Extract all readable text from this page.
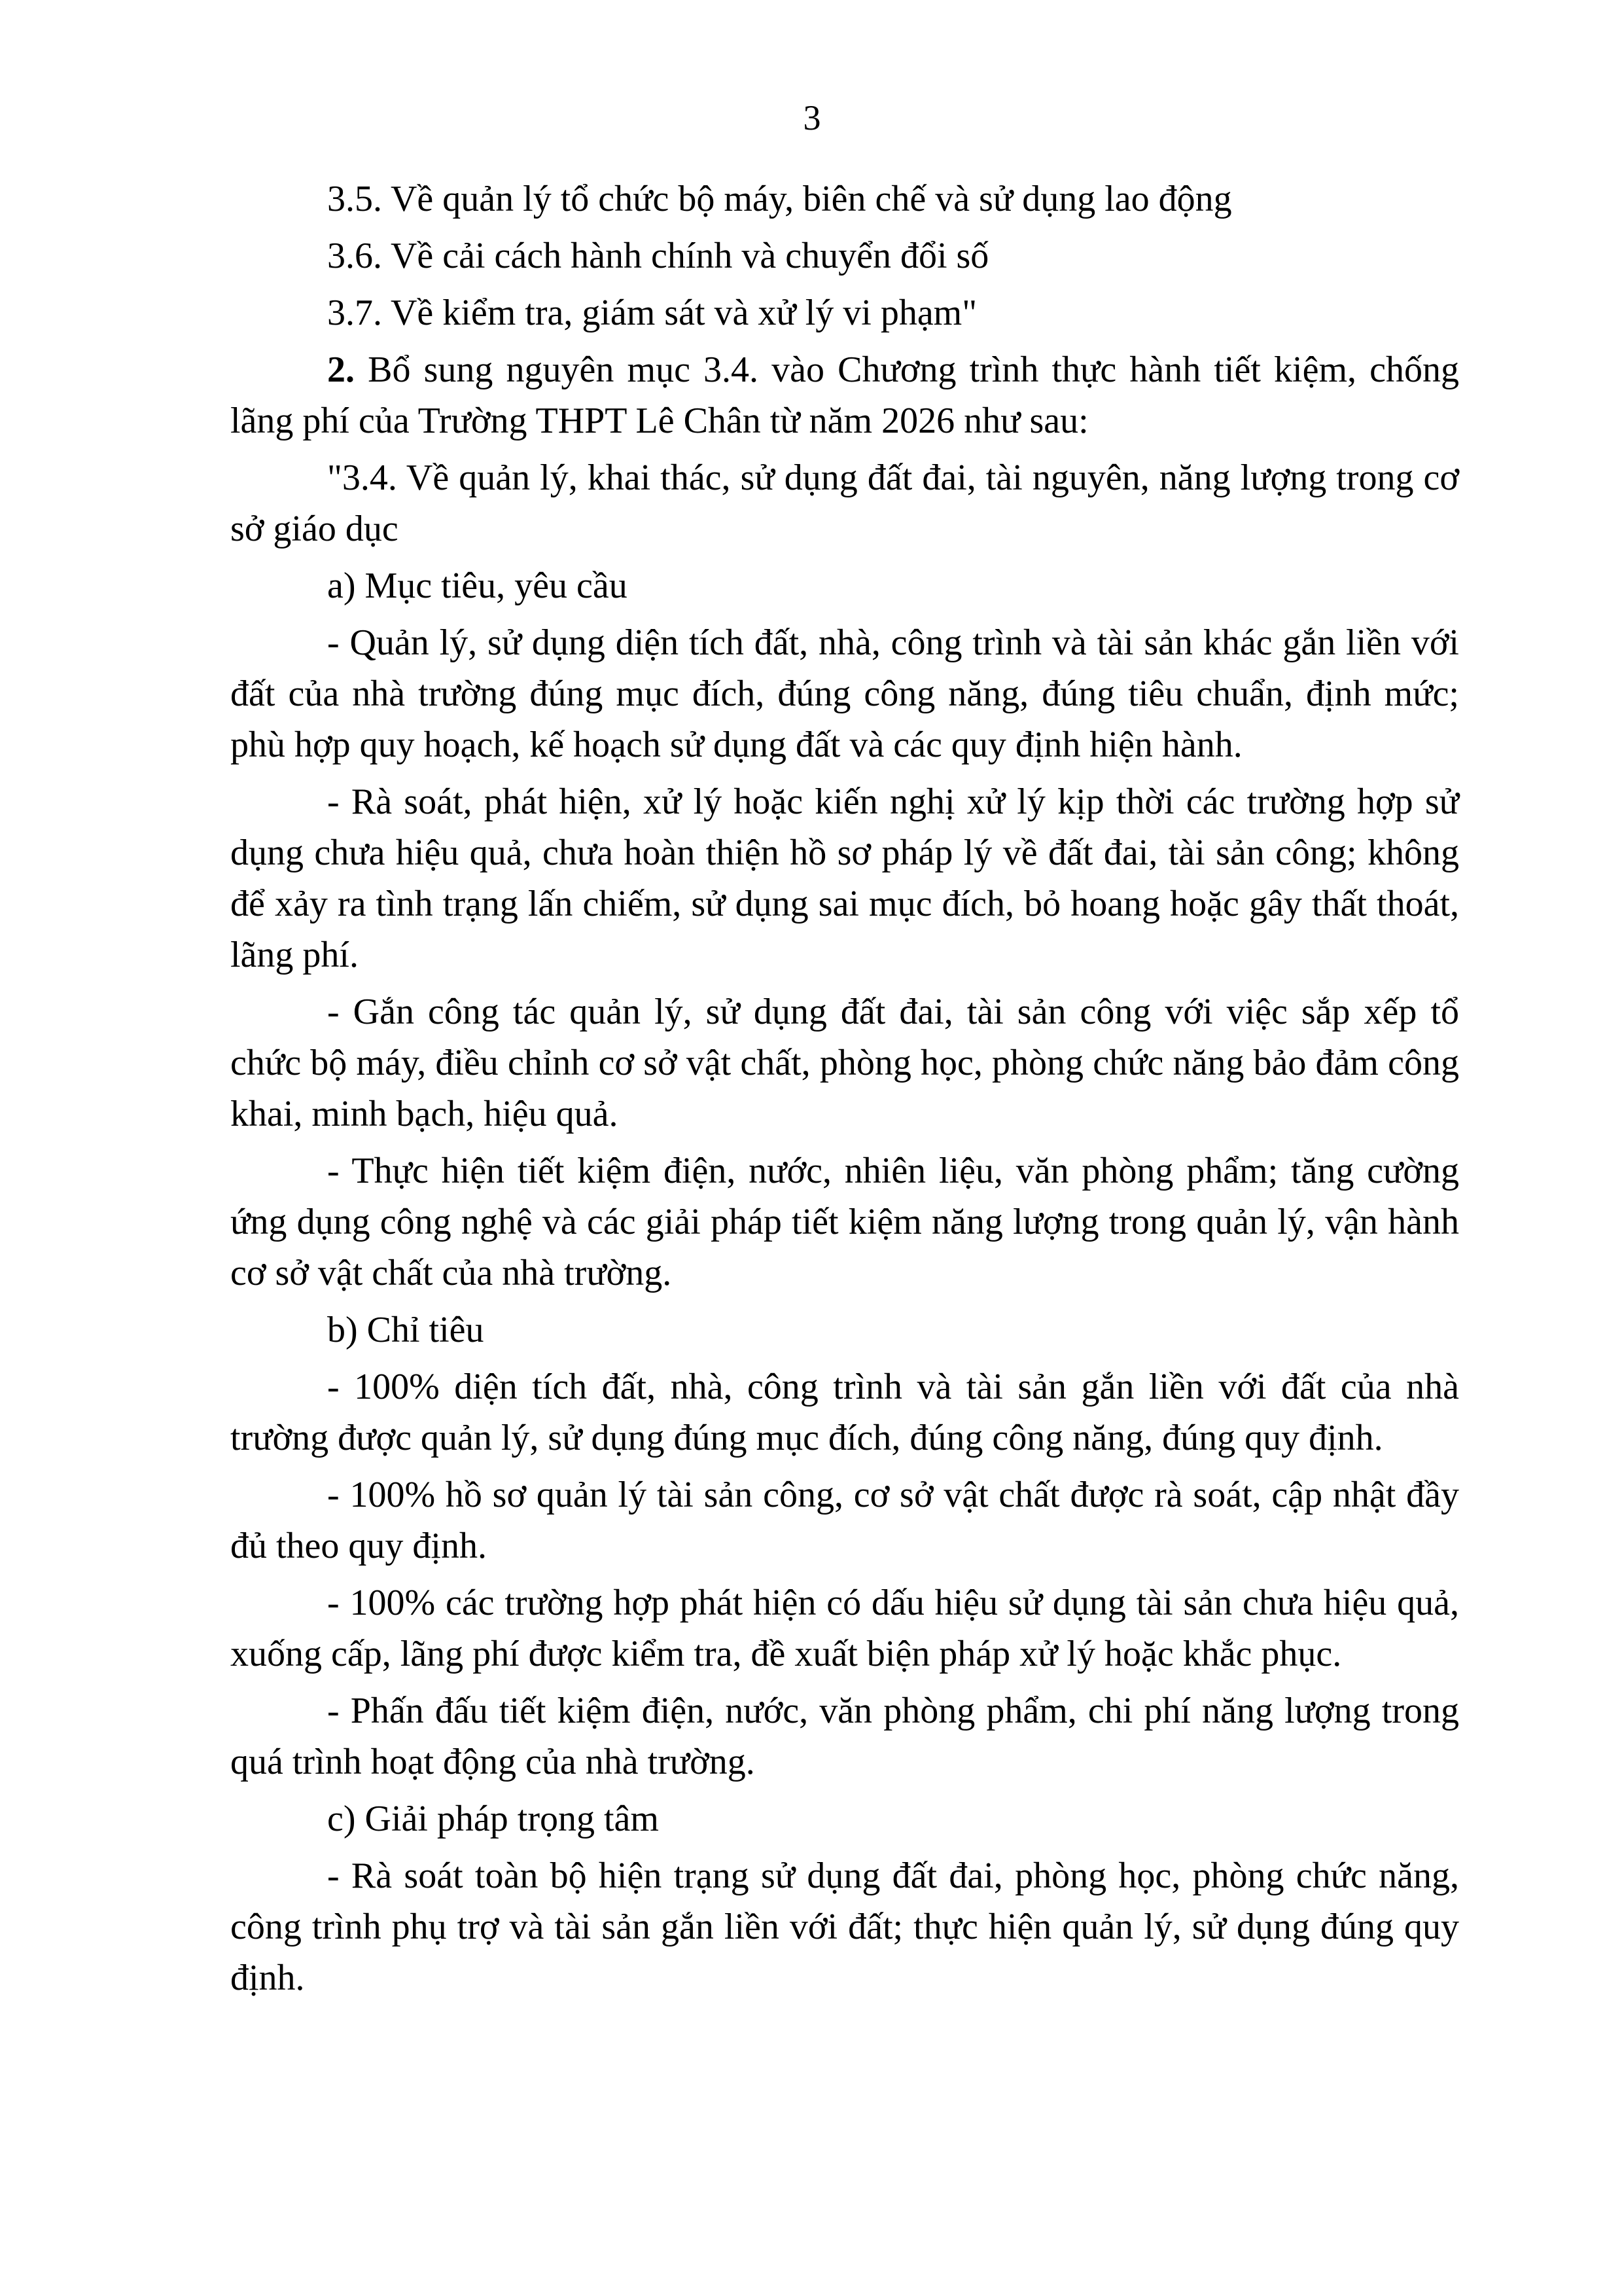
3

3.5. Về quản lý tổ chức bộ máy, biên chế và sử dụng lao động

3.6. Về cải cách hành chính và chuyển đổi số

3.7. Về kiểm tra, giám sát và xử lý vi phạm"

2. Bổ sung nguyên mục 3.4. vào Chương trình thực hành tiết kiệm, chống lãng phí của Trường THPT Lê Chân từ năm 2026 như sau:

"3.4. Về quản lý, khai thác, sử dụng đất đai, tài nguyên, năng lượng trong cơ sở giáo dục

a) Mục tiêu, yêu cầu

- Quản lý, sử dụng diện tích đất, nhà, công trình và tài sản khác gắn liền với đất của nhà trường đúng mục đích, đúng công năng, đúng tiêu chuẩn, định mức; phù hợp quy hoạch, kế hoạch sử dụng đất và các quy định hiện hành.

- Rà soát, phát hiện, xử lý hoặc kiến nghị xử lý kịp thời các trường hợp sử dụng chưa hiệu quả, chưa hoàn thiện hồ sơ pháp lý về đất đai, tài sản công; không để xảy ra tình trạng lấn chiếm, sử dụng sai mục đích, bỏ hoang hoặc gây thất thoát, lãng phí.

- Gắn công tác quản lý, sử dụng đất đai, tài sản công với việc sắp xếp tổ chức bộ máy, điều chỉnh cơ sở vật chất, phòng học, phòng chức năng bảo đảm công khai, minh bạch, hiệu quả.

- Thực hiện tiết kiệm điện, nước, nhiên liệu, văn phòng phẩm; tăng cường ứng dụng công nghệ và các giải pháp tiết kiệm năng lượng trong quản lý, vận hành cơ sở vật chất của nhà trường.

b) Chỉ tiêu

- 100% diện tích đất, nhà, công trình và tài sản gắn liền với đất của nhà trường được quản lý, sử dụng đúng mục đích, đúng công năng, đúng quy định.

- 100% hồ sơ quản lý tài sản công, cơ sở vật chất được rà soát, cập nhật đầy đủ theo quy định.

- 100% các trường hợp phát hiện có dấu hiệu sử dụng tài sản chưa hiệu quả, xuống cấp, lãng phí được kiểm tra, đề xuất biện pháp xử lý hoặc khắc phục.

- Phấn đấu tiết kiệm điện, nước, văn phòng phẩm, chi phí năng lượng trong quá trình hoạt động của nhà trường.

c) Giải pháp trọng tâm

- Rà soát toàn bộ hiện trạng sử dụng đất đai, phòng học, phòng chức năng, công trình phụ trợ và tài sản gắn liền với đất; thực hiện quản lý, sử dụng đúng quy định.
